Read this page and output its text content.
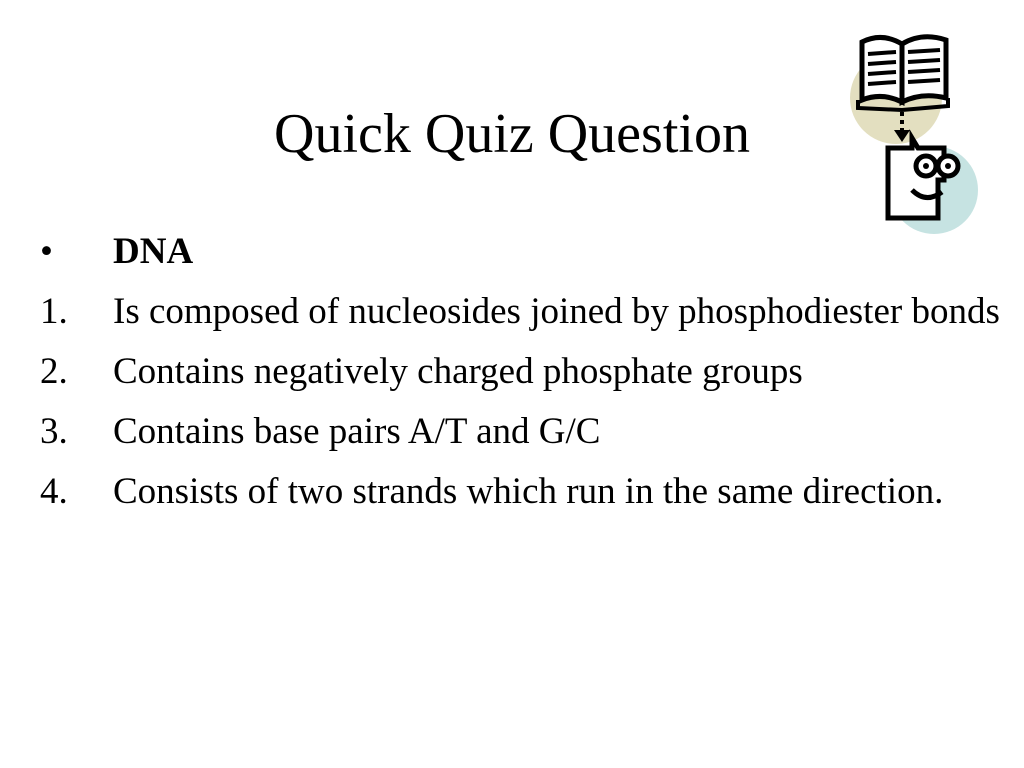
Quick Quiz Question
•	DNA
1.	Is composed of nucleosides joined by phosphodiester bonds
2.	Contains negatively charged phosphate groups
3.	Contains base pairs A/T and G/C
4.	Consists of two strands which run in the same direction.
